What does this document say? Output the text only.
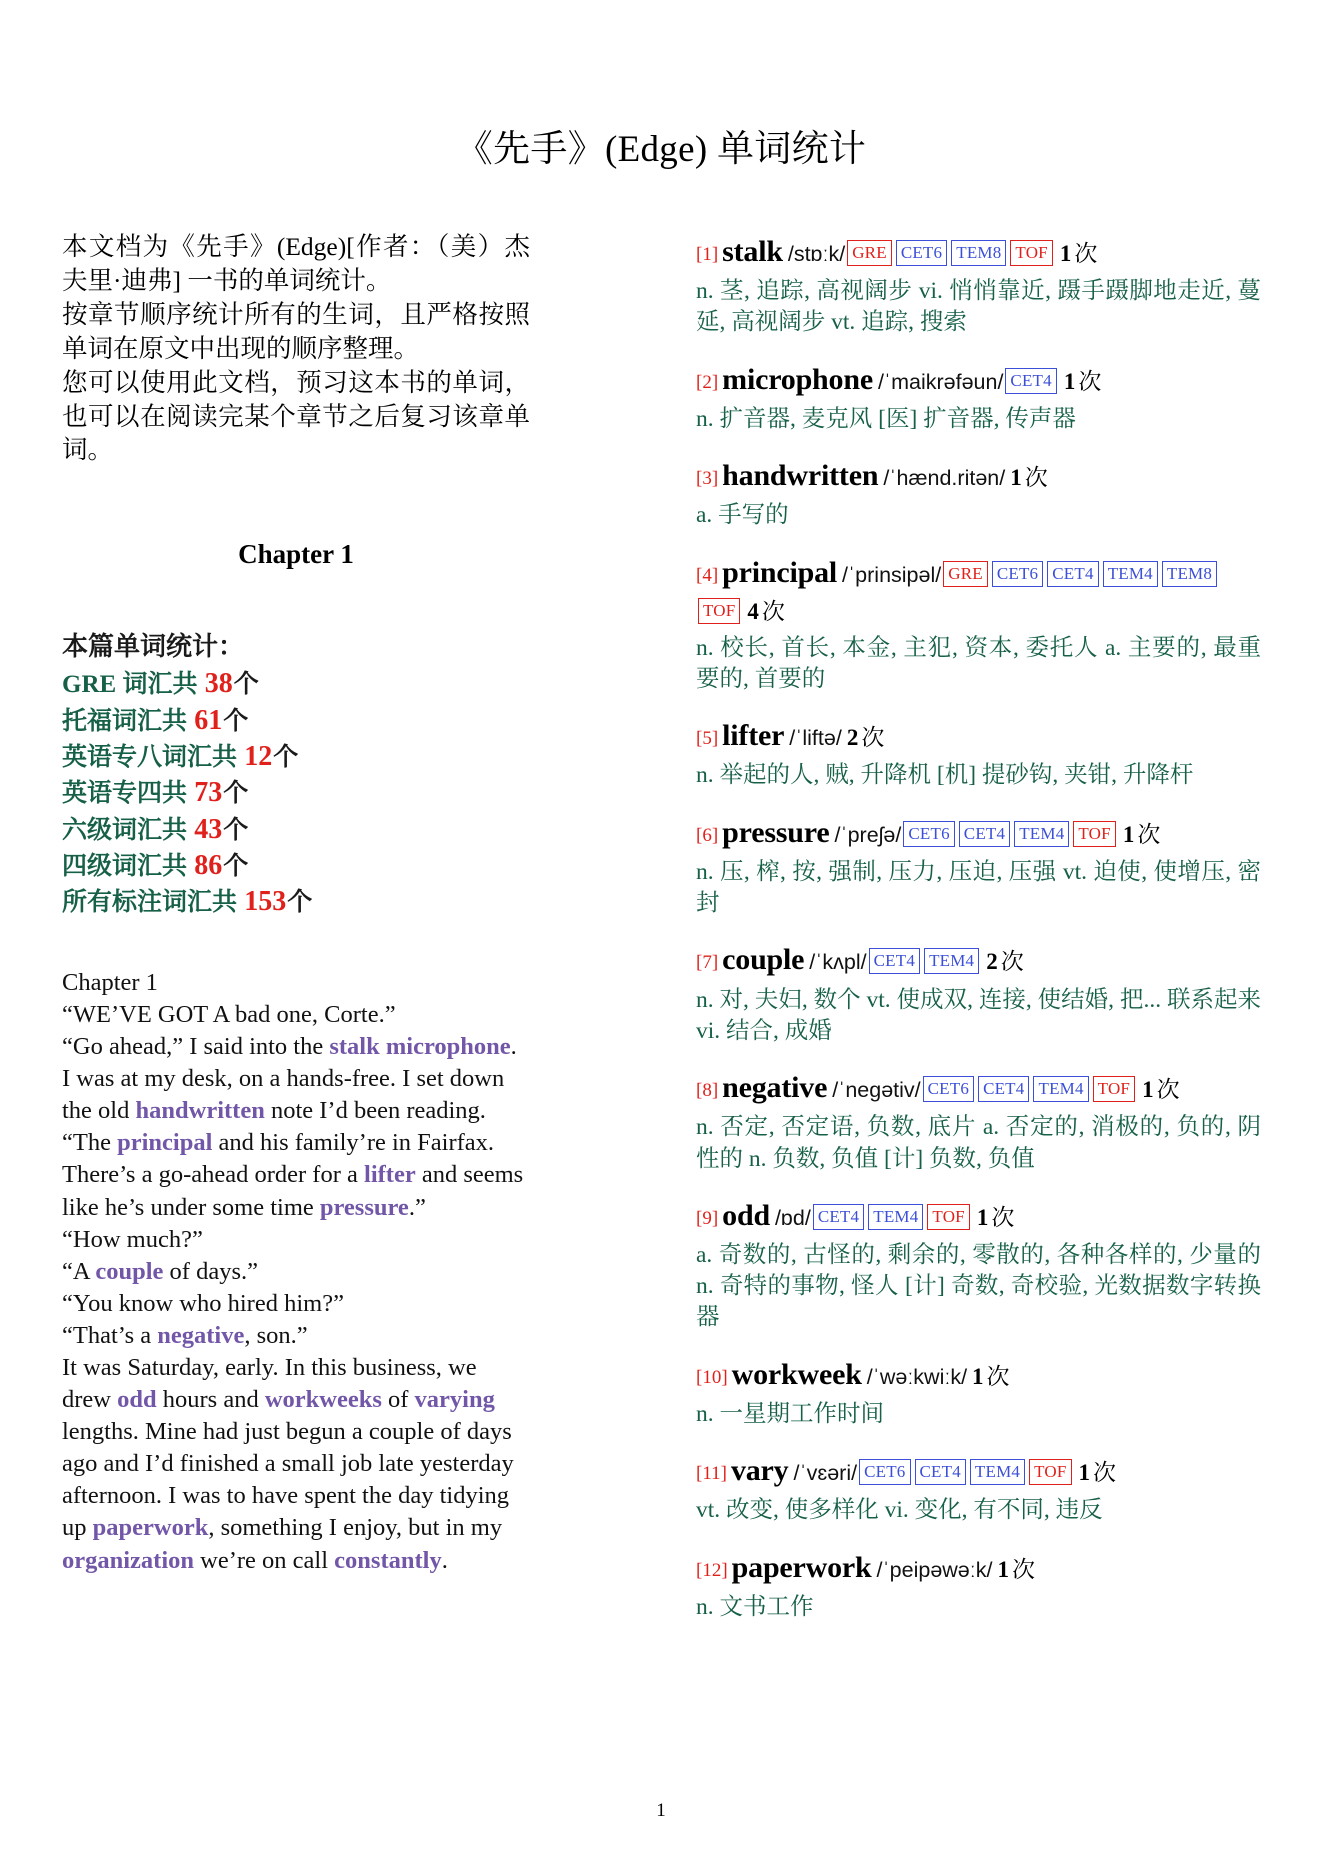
《先手》(Edge) 单词统计

本文档为《先手》(Edge)[作者：（美）杰夫里·迪弗] 一书的单词统计。

按章节顺序统计所有的生词，且严格按照单词在原文中出现的顺序整理。

您可以使用此文档，预习这本书的单词，也可以在阅读完某个章节之后复习该章单词。

Chapter 1
本篇单词统计：
GRE 词汇共 38个
托福词汇共 61个
英语专八词汇共 12个
英语专四共 73个
六级词汇共 43个
四级词汇共 86个
所有标注词汇共 153个

Chapter 1

“WE’VE GOT A bad one, Corte.”

“Go ahead,” I said into the stalk microphone.

I was at my desk, on a hands-free. I set down

the old handwritten note I’d been reading.

“The principal and his family’re in Fairfax.

There’s a go-ahead order for a lifter and seems

like he’s under some time pressure.”

“How much?”

“A couple of days.”

“You know who hired him?”

“That’s a negative, son.”

It was Saturday, early. In this business, we

drew odd hours and workweeks of varying

lengths. Mine had just begun a couple of days

ago and I’d finished a small job late yesterday

afternoon. I was to have spent the day tidying

up paperwork, something I enjoy, but in my

organization we’re on call constantly.

[1] stalk /stɒːk/ GRE CET6 TEM8 TOF 1 次
n. 茎, 追踪, 高视阔步 vi. 悄悄靠近, 蹑手蹑脚地走近, 蔓延, 高视阔步 vt. 追踪, 搜索
[2] microphone /ˈmaikrəfəun/ CET4 1 次
n. 扩音器, 麦克风 [医] 扩音器, 传声器
[3] handwritten /ˈhænd.ritən/ 1 次
a. 手写的
[4] principal /ˈprinsipəl/ GRE CET6 CET4 TEM4 TEM8TOF 4 次
n. 校长, 首长, 本金, 主犯, 资本, 委托人 a. 主要的, 最重要的, 首要的
[5] lifter /ˈliftə/ 2 次
n. 举起的人, 贼, 升降机 [机] 提砂钩, 夹钳, 升降杆
[6] pressure /ˈpreʃə/ CET6 CET4 TEM4 TOF 1 次
n. 压, 榨, 按, 强制, 压力, 压迫, 压强 vt. 迫使, 使增压, 密封
[7] couple /ˈkʌpl/ CET4 TEM4 2 次
n. 对, 夫妇, 数个 vt. 使成双, 连接, 使结婚, 把... 联系起来 vi. 结合, 成婚
[8] negative /ˈnegətiv/ CET6 CET4 TEM4 TOF 1 次
n. 否定, 否定语, 负数, 底片 a. 否定的, 消极的, 负的, 阴性的 n. 负数, 负值 [计] 负数, 负值
[9] odd /ɒd/ CET4 TEM4 TOF 1 次
a. 奇数的, 古怪的, 剩余的, 零散的, 各种各样的, 少量的 n. 奇特的事物, 怪人 [计] 奇数, 奇校验, 光数据数字转换器
[10] workweek /ˈwəːkwiːk/ 1 次
n. 一星期工作时间
[11] vary /ˈvɛəri/ CET6 CET4 TEM4 TOF 1 次
vt. 改变, 使多样化 vi. 变化, 有不同, 违反
[12] paperwork /ˈpeipəwəːk/ 1 次
n. 文书工作
1
